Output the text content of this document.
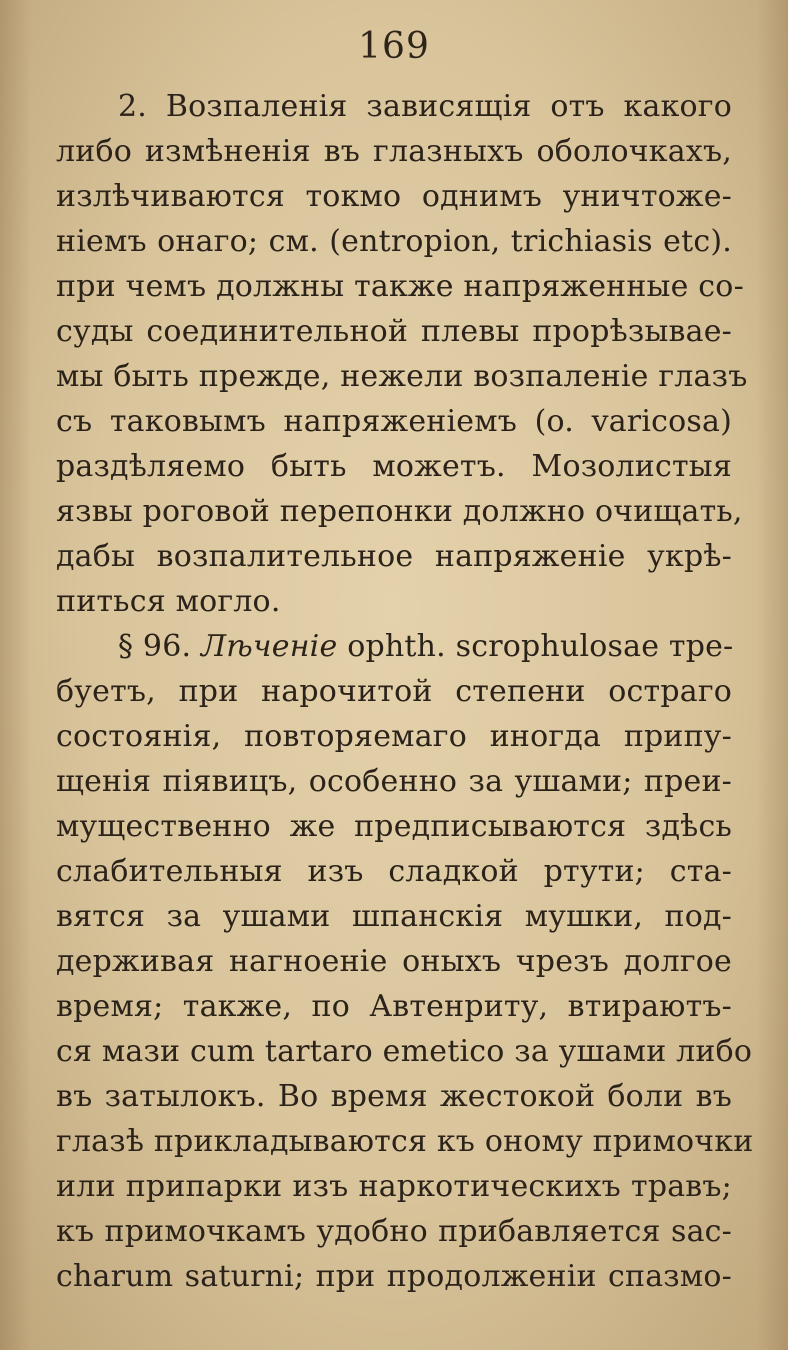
169
2. Возпаленія зависящія отъ какого
либо измѣненія въ глазныхъ оболочкахъ,
излѣчиваются токмо однимъ уничтоже-
ніемъ онаго; см. (entropion, trichiasis etc).
при чемъ должны также напряженные со-
суды соединительной плевы прорѣзывае-
мы быть прежде, нежели возпаленіе глазъ
съ таковымъ напряженіемъ (o. varicosa)
раздѣляемо быть можетъ. Мозолистыя
язвы роговой перепонки должно очищать,
дабы возпалительное напряженіе укрѣ-
питься могло.
§ 96. Лѣченіе ophth. scrophulosae тре-
буетъ, при нарочитой степени остраго
состоянія, повторяемаго иногда припу-
щенія піявицъ, особенно за ушами; преи-
мущественно же предписываются здѣсь
слабительныя изъ сладкой ртути; ста-
вятся за ушами шпанскія мушки, под-
держивая нагноеніе оныхъ чрезъ долгое
время; также, по Автенриту, втираютъ-
ся мази cum tartaro emetico за ушами либо
въ затылокъ. Во время жестокой боли въ
глазѣ прикладываются къ оному примочки
или припарки изъ наркотическихъ травъ;
къ примочкамъ удобно прибавляется sac-
charum saturni; при продолженіи спазмо-
